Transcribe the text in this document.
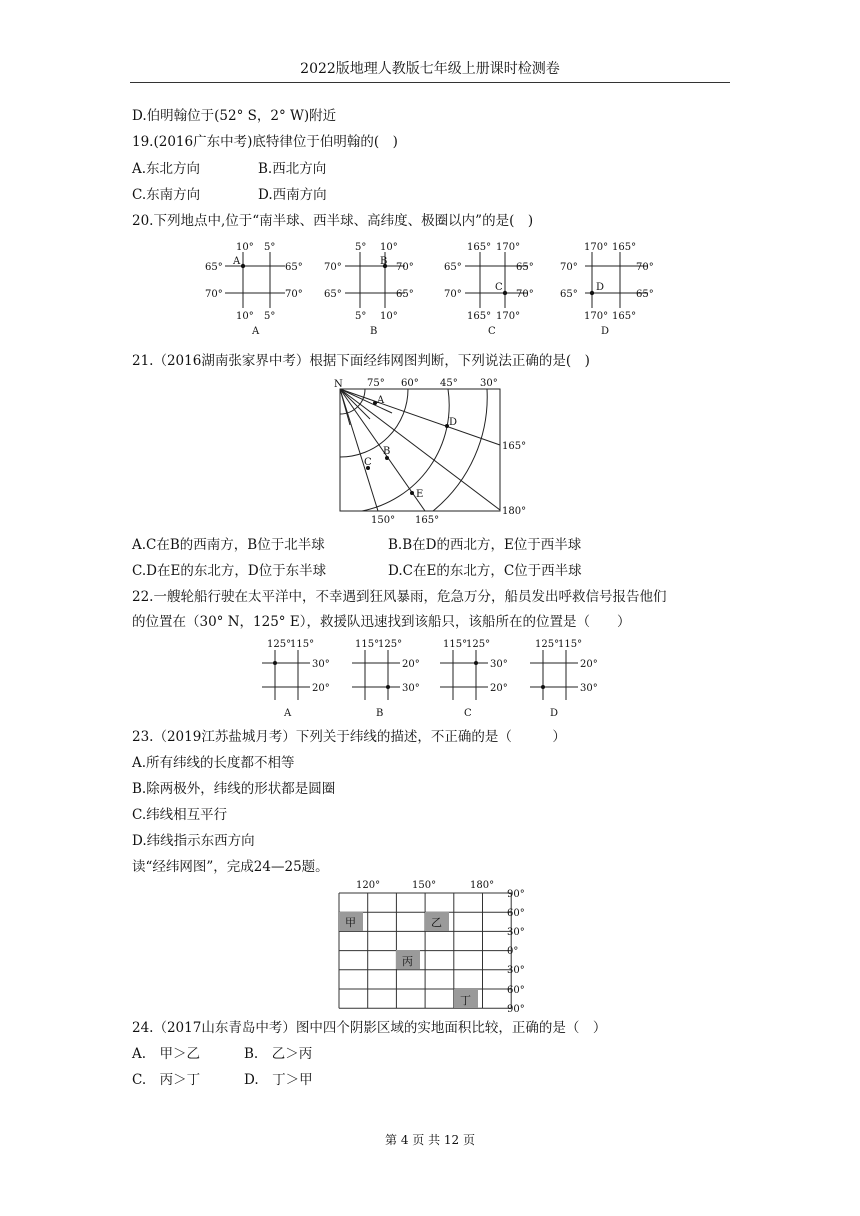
2022版地理人教版七年级上册课时检测卷
D.伯明翰位于(52° S，2° W)附近
19.(2016广东中考)底特律位于伯明翰的(　)
A.东北方向	B.西北方向
C.东南方向	D.西南方向
20.下列地点中,位于“南半球、西半球、高纬度、极圈以内”的是(　)
10° 5°
10° 5°
65°
70°
65°
70°
A
A
5° 10°
5° 10°
70°
65°
70°
65°
B
B
165° 170°
165° 170°
65°
70°
65°
70°
C
C
170° 165°
170° 165°
70°
65°
70°
65°
D
D
21.（2016湖南张家界中考）根据下面经纬网图判断，下列说法正确的是(　)
A
B
C
D
E
N 75° 60° 45° 30°
165°
180°
150° 165°
A.C在B的西南方，B位于北半球	B.B在D的西北方，E位于西半球
C.D在E的东北方，D位于东半球	D.C在E的东北方，C位于西半球
22.一艘轮船行驶在太平洋中，不幸遇到狂风暴雨，危急万分，船员发出呼救信号报告他们
的位置在（30° N，125° E），救援队迅速找到该船只，该船所在的位置是（　　）
125°
115°
30°
20°
A
115°
125°
20°
30°
B
115°
125°
30°
20°
C
125°
115°
20°
30°
D
23.（2019江苏盐城月考）下列关于纬线的描述，不正确的是（　　　）
A.所有纬线的长度都不相等
B.除两极外，纬线的形状都是圆圈
C.纬线相互平行
D.纬线指示东西方向
读“经纬网图”，完成24—25题。
甲	乙
丙
丁
120°	150°	180°
90°
60°
30°
0°
30°
60°
90°
24.（2017山东青岛中考）图中四个阴影区域的实地面积比较，正确的是（　）
A.　甲＞乙	B.　乙＞丙
C.　丙＞丁	D.　丁＞甲
第 4 页 共 12 页
